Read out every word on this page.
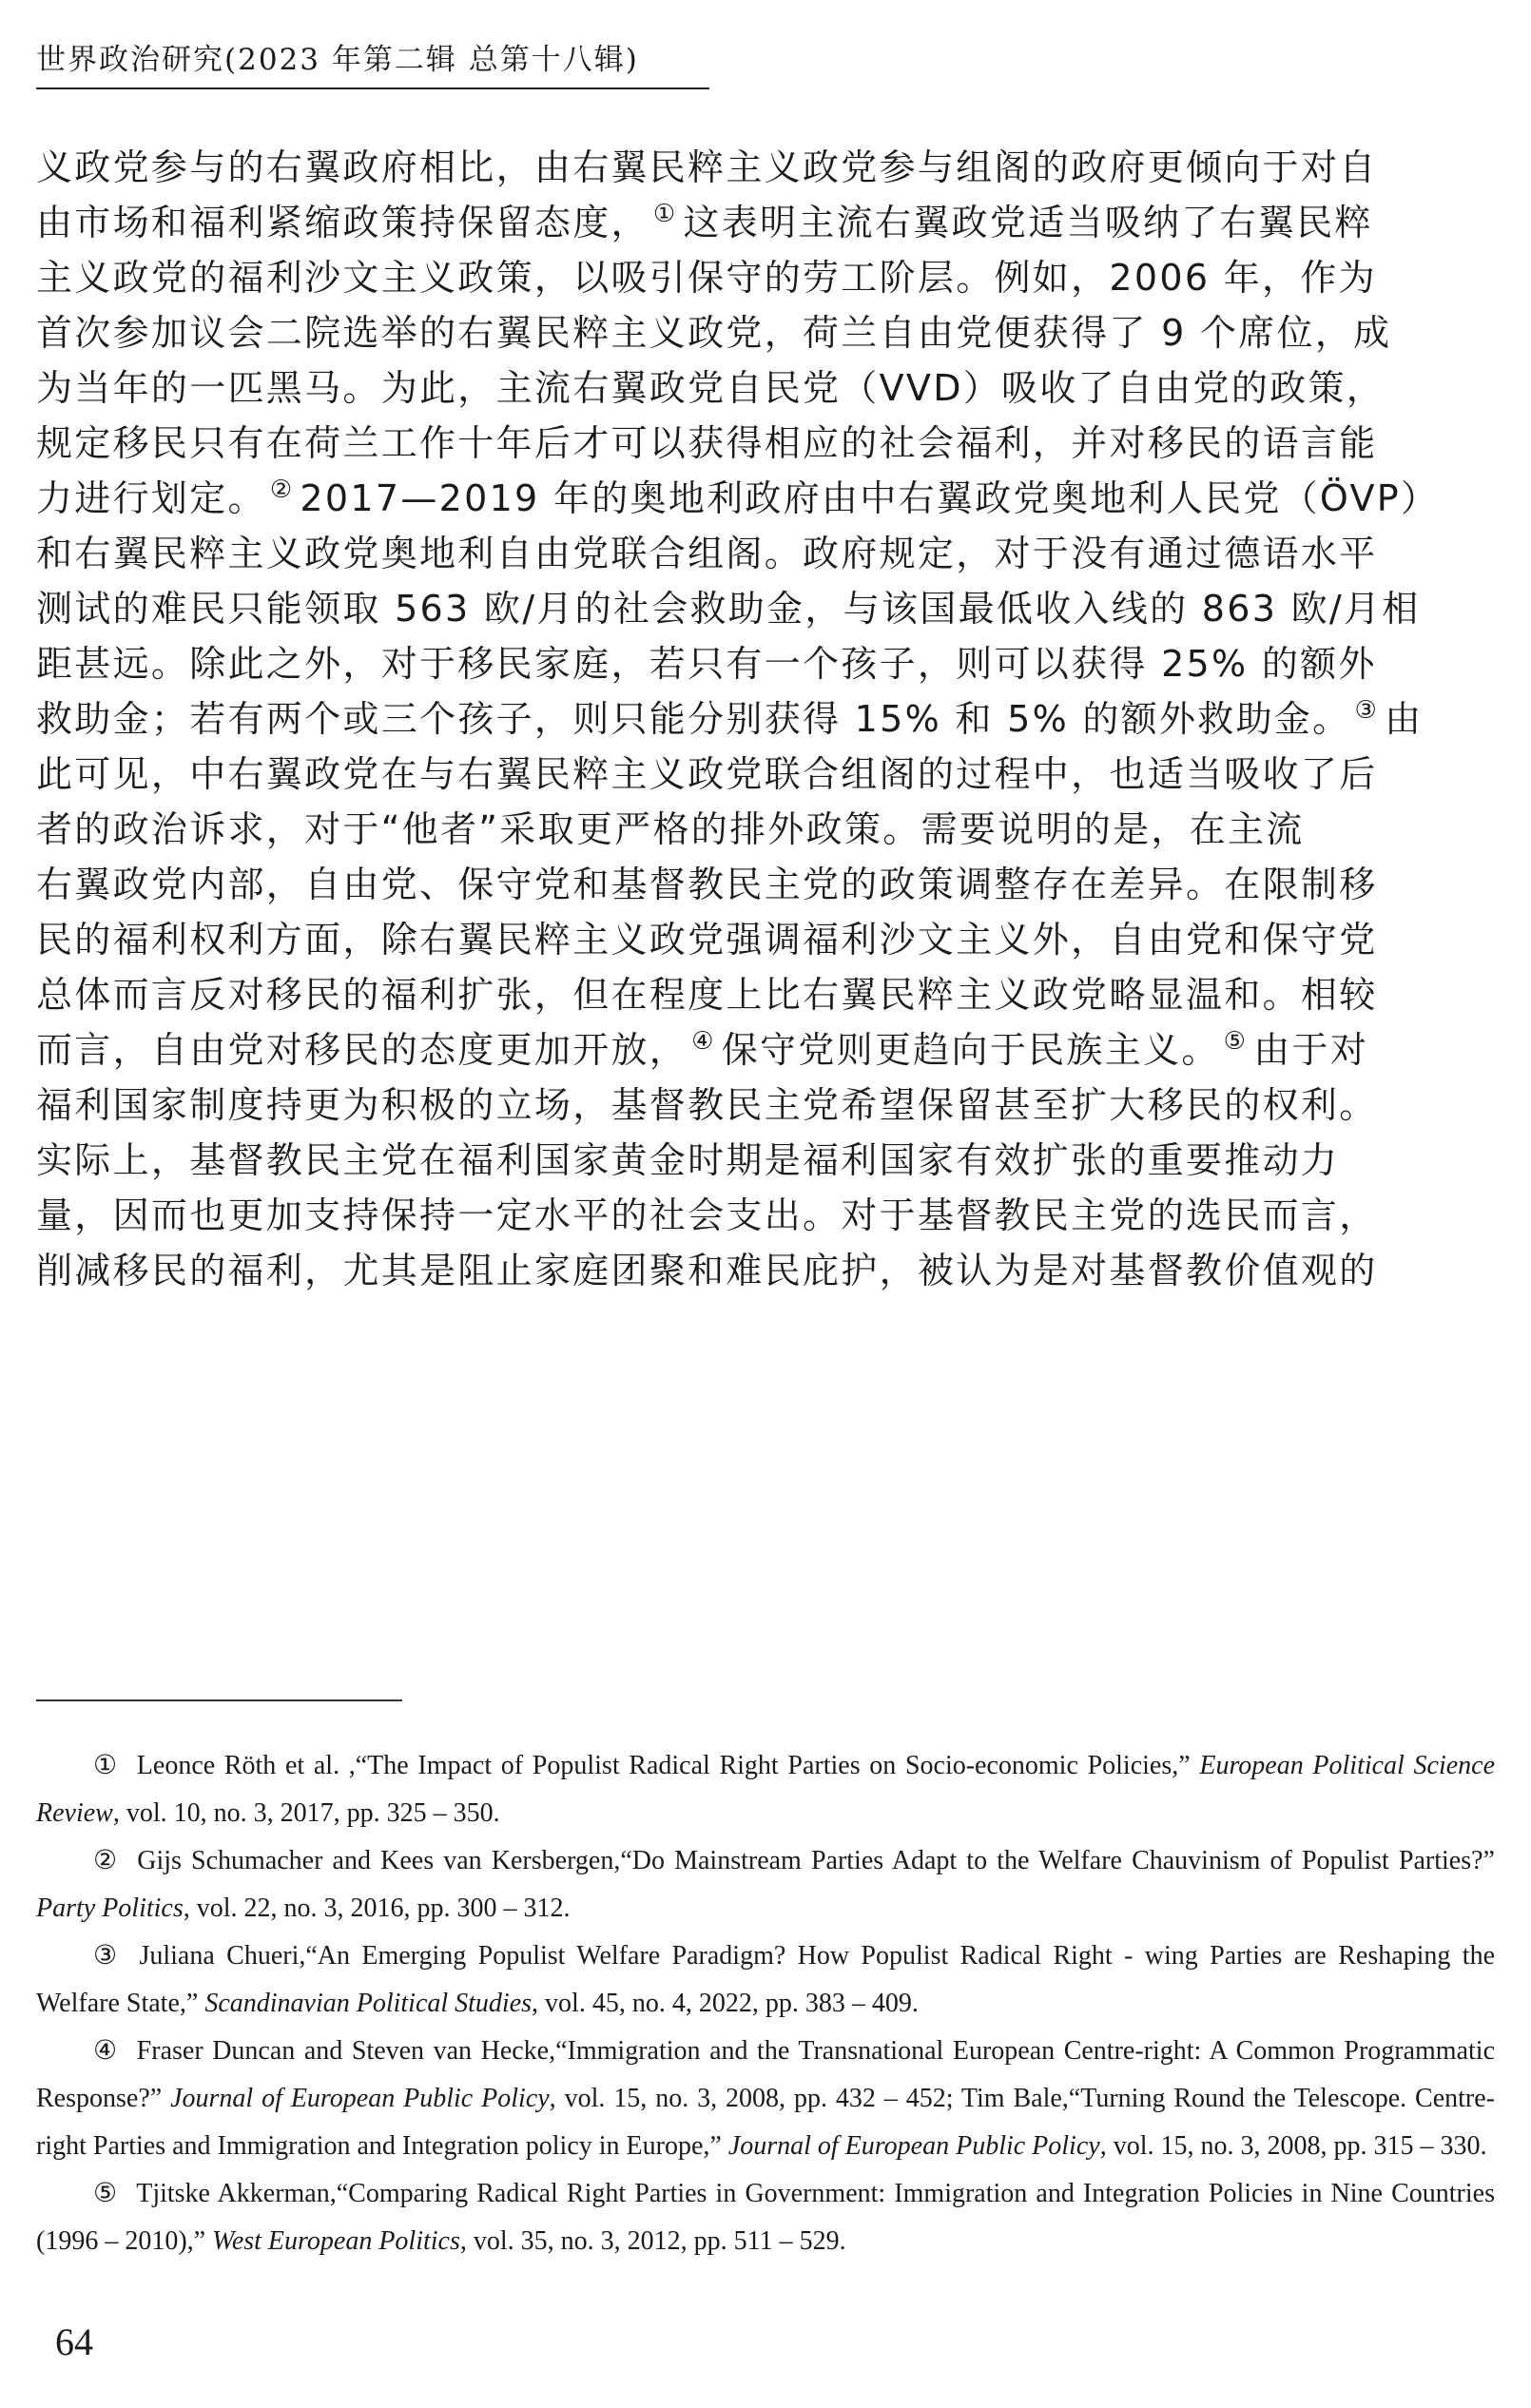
世界政治研究(2023 年第二辑 总第十八辑)
义政党参与的右翼政府相比，由右翼民粹主义政党参与组阁的政府更倾向于对自
由市场和福利紧缩政策持保留态度， ① 这表明主流右翼政党适当吸纳了右翼民粹
主义政党的福利沙文主义政策，以吸引保守的劳工阶层。例如，2006 年，作为
首次参加议会二院选举的右翼民粹主义政党，荷兰自由党便获得了 9 个席位，成
为当年的一匹黑马。为此，主流右翼政党自民党（VVD）吸收了自由党的政策，
规定移民只有在荷兰工作十年后才可以获得相应的社会福利，并对移民的语言能
力进行划定。 ② 2017—2019 年的奥地利政府由中右翼政党奥地利人民党（ÖVP）
和右翼民粹主义政党奥地利自由党联合组阁。政府规定，对于没有通过德语水平
测试的难民只能领取 563 欧/月的社会救助金，与该国最低收入线的 863 欧/月相
距甚远。除此之外，对于移民家庭，若只有一个孩子，则可以获得 25% 的额外
救助金；若有两个或三个孩子，则只能分别获得 15% 和 5% 的额外救助金。 ③ 由
此可见，中右翼政党在与右翼民粹主义政党联合组阁的过程中，也适当吸收了后
者的政治诉求，对于“他者”采取更严格的排外政策。需要说明的是，在主流
右翼政党内部，自由党、保守党和基督教民主党的政策调整存在差异。在限制移
民的福利权利方面，除右翼民粹主义政党强调福利沙文主义外，自由党和保守党
总体而言反对移民的福利扩张，但在程度上比右翼民粹主义政党略显温和。相较
而言，自由党对移民的态度更加开放， ④ 保守党则更趋向于民族主义。 ⑤ 由于对
福利国家制度持更为积极的立场，基督教民主党希望保留甚至扩大移民的权利。
实际上，基督教民主党在福利国家黄金时期是福利国家有效扩张的重要推动力
量，因而也更加支持保持一定水平的社会支出。对于基督教民主党的选民而言，
削减移民的福利，尤其是阻止家庭团聚和难民庇护，被认为是对基督教价值观的
① Leonce Röth et al. ,“The Impact of Populist Radical Right Parties on Socio-economic Policies,” European Political Science Review, vol. 10, no. 3, 2017, pp. 325 – 350.
② Gijs Schumacher and Kees van Kersbergen,“Do Mainstream Parties Adapt to the Welfare Chauvinism of Populist Parties?” Party Politics, vol. 22, no. 3, 2016, pp. 300 – 312.
③ Juliana Chueri,“An Emerging Populist Welfare Paradigm? How Populist Radical Right - wing Parties are Reshaping the Welfare State,” Scandinavian Political Studies, vol. 45, no. 4, 2022, pp. 383 – 409.
④ Fraser Duncan and Steven van Hecke,“Immigration and the Transnational European Centre-right: A Common Programmatic Response?” Journal of European Public Policy, vol. 15, no. 3, 2008, pp. 432 – 452; Tim Bale,“Turning Round the Telescope. Centre-right Parties and Immigration and Integration policy in Europe,” Journal of European Public Policy, vol. 15, no. 3, 2008, pp. 315 – 330.
⑤ Tjitske Akkerman,“Comparing Radical Right Parties in Government: Immigration and Integration Policies in Nine Countries (1996 – 2010),” West European Politics, vol. 35, no. 3, 2012, pp. 511 – 529.
64
